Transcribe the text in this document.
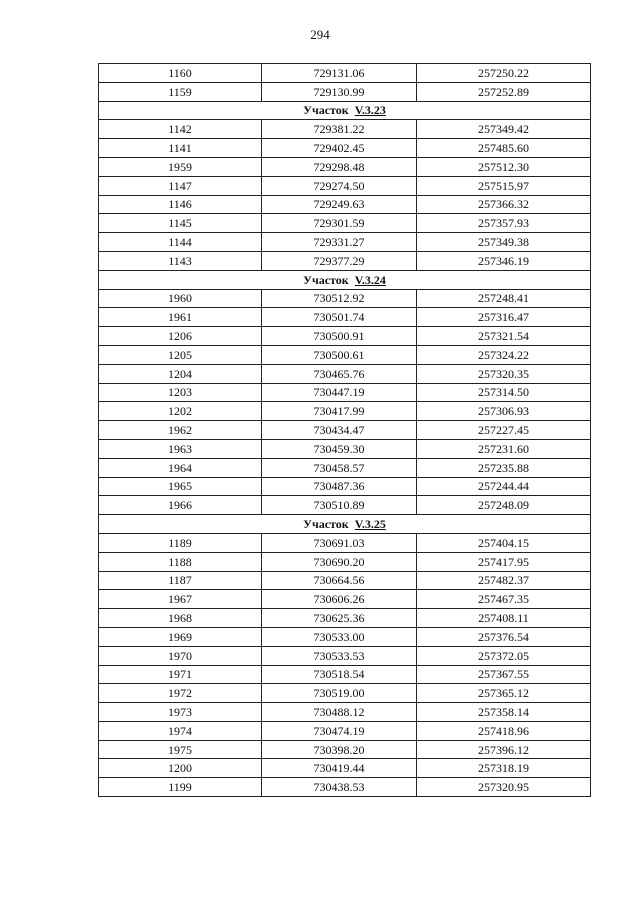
294
1160	729131.06	257250.22
1159	729130.99	257252.89
Участок V.3.23		
1142	729381.22	257349.42
1141	729402.45	257485.60
1959	729298.48	257512.30
1147	729274.50	257515.97
1146	729249.63	257366.32
1145	729301.59	257357.93
1144	729331.27	257349.38
1143	729377.29	257346.19
Участок V.3.24		
1960	730512.92	257248.41
1961	730501.74	257316.47
1206	730500.91	257321.54
1205	730500.61	257324.22
1204	730465.76	257320.35
1203	730447.19	257314.50
1202	730417.99	257306.93
1962	730434.47	257227.45
1963	730459.30	257231.60
1964	730458.57	257235.88
1965	730487.36	257244.44
1966	730510.89	257248.09
Участок V.3.25		
1189	730691.03	257404.15
1188	730690.20	257417.95
1187	730664.56	257482.37
1967	730606.26	257467.35
1968	730625.36	257408.11
1969	730533.00	257376.54
1970	730533.53	257372.05
1971	730518.54	257367.55
1972	730519.00	257365.12
1973	730488.12	257358.14
1974	730474.19	257418.96
1975	730398.20	257396.12
1200	730419.44	257318.19
1199	730438.53	257320.95
